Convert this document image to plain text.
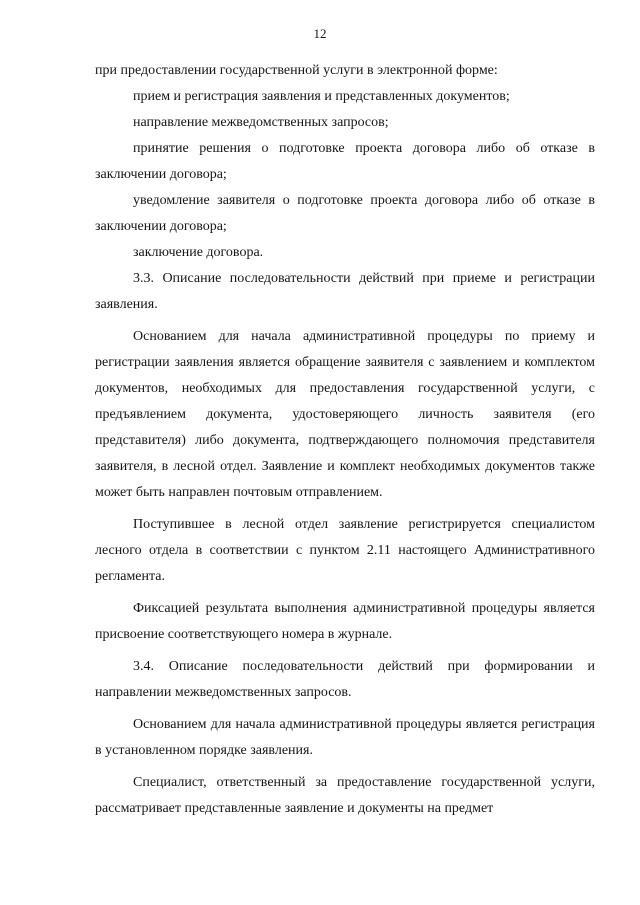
12

при предоставлении государственной услуги в электронной форме:

прием и регистрация заявления и представленных документов;

направление межведомственных запросов;

принятие решения о подготовке проекта договора либо об отказе в заключении договора;

уведомление заявителя о подготовке проекта договора либо об отказе в заключении договора;

заключение договора.

3.3. Описание последовательности действий при приеме и регистрации заявления.

Основанием для начала административной процедуры по приему и регистрации заявления является обращение заявителя с заявлением и комплектом документов, необходимых для предоставления государственной услуги, с предъявлением документа, удостоверяющего личность заявителя (его представителя) либо документа, подтверждающего полномочия представителя заявителя, в лесной отдел. Заявление и комплект необходимых документов также может быть направлен почтовым отправлением.

Поступившее в лесной отдел заявление регистрируется специалистом лесного отдела в соответствии с пунктом 2.11 настоящего Административного регламента.

Фиксацией результата выполнения административной процедуры является присвоение соответствующего номера в журнале.

3.4. Описание последовательности действий при формировании и направлении межведомственных запросов.

Основанием для начала административной процедуры является регистрация в установленном порядке заявления.

Специалист, ответственный за предоставление государственной услуги, рассматривает представленные заявление и документы на предмет
